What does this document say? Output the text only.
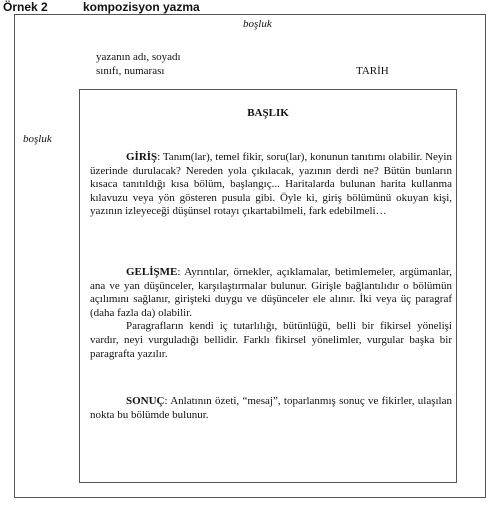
Örnek 2	kompozisyon yazma
boşluk
boşluk
yazanın adı, soyadı
sınıfı, numarası	TARİH
BAŞLIK

GİRİŞ: Tanım(lar), temel fikir, soru(lar), konunun tanıtımı olabilir. Neyin üzerinde durulacak? Nereden yola çıkılacak, yazının derdi ne? Bütün bunların kısaca tanıtıldığı kısa bölüm, başlangıç... Haritalarda bulunan harita kullanma kılavuzu veya yön gösteren pusula gibi. Öyle ki, giriş bölümünü okuyan kişi, yazının izleyeceği düşünsel rotayı çıkartabilmeli, fark edebilmeli…

GELİŞME: Ayrıntılar, örnekler, açıklamalar, betimlemeler, argümanlar, ana ve yan düşünceler, karşılaştırmalar bulunur. Girişle bağlantılıdır o bölümün açılımını sağlanır, girişteki duygu ve düşünceler ele alınır. İki veya üç paragraf (daha fazla da) olabilir.

Paragrafların kendi iç tutarlılığı, bütünlüğü, belli bir fikirsel yönelişi vardır, neyi vurguladığı bellidir. Farklı fikirsel yönelimler, vurgular başka bir paragrafta yazılır.

SONUÇ: Anlatının özeti, “mesaj”, toparlanmış sonuç ve fikirler, ulaşılan nokta bu bölümde bulunur.
